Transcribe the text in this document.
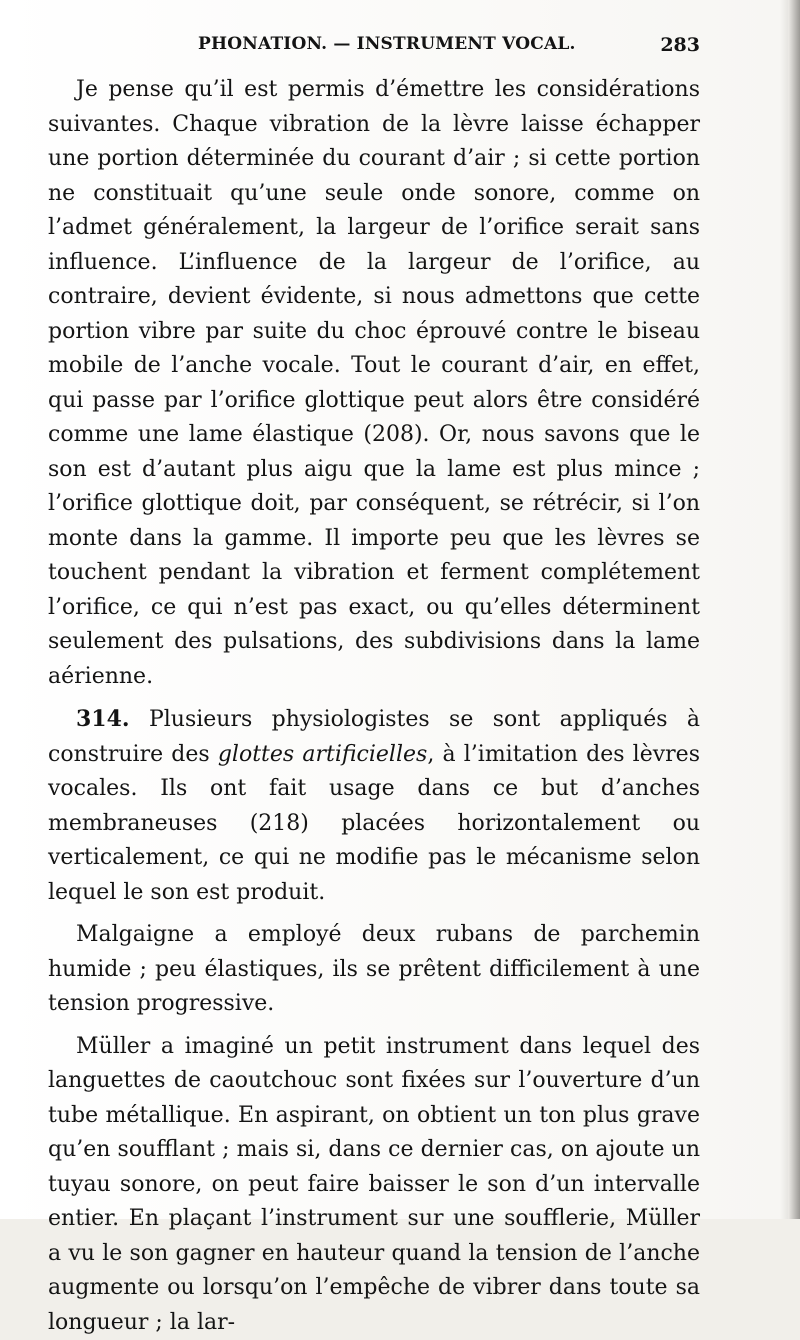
PHONATION. — INSTRUMENT VOCAL.	283

Je pense qu’il est permis d’émettre les considérations suivantes. Chaque vibration de la lèvre laisse échapper une portion déterminée du courant d’air ; si cette portion ne constituait qu’une seule onde sonore, comme on l’admet généralement, la largeur de l’orifice serait sans influence. L’influence de la largeur de l’orifice, au contraire, devient évidente, si nous admettons que cette portion vibre par suite du choc éprouvé contre le biseau mobile de l’anche vocale. Tout le courant d’air, en effet, qui passe par l’orifice glottique peut alors être considéré comme une lame élastique (208). Or, nous savons que le son est d’autant plus aigu que la lame est plus mince ; l’orifice glottique doit, par conséquent, se rétrécir, si l’on monte dans la gamme. Il importe peu que les lèvres se touchent pendant la vibration et ferment complétement l’orifice, ce qui n’est pas exact, ou qu’elles déterminent seulement des pulsations, des subdivisions dans la lame aérienne.

314. Plusieurs physiologistes se sont appliqués à construire des glottes artificielles, à l’imitation des lèvres vocales. Ils ont fait usage dans ce but d’anches membraneuses (218) placées horizontalement ou verticalement, ce qui ne modifie pas le mécanisme selon lequel le son est produit.

Malgaigne a employé deux rubans de parchemin humide ; peu élastiques, ils se prêtent difficilement à une tension progressive.

Müller a imaginé un petit instrument dans lequel des languettes de caoutchouc sont fixées sur l’ouverture d’un tube métallique. En aspirant, on obtient un ton plus grave qu’en soufflant ; mais si, dans ce dernier cas, on ajoute un tuyau sonore, on peut faire baisser le son d’un intervalle entier. En plaçant l’instrument sur une soufflerie, Müller a vu le son gagner en hauteur quand la tension de l’anche augmente ou lorsqu’on l’empêche de vibrer dans toute sa longueur ; la lar-
